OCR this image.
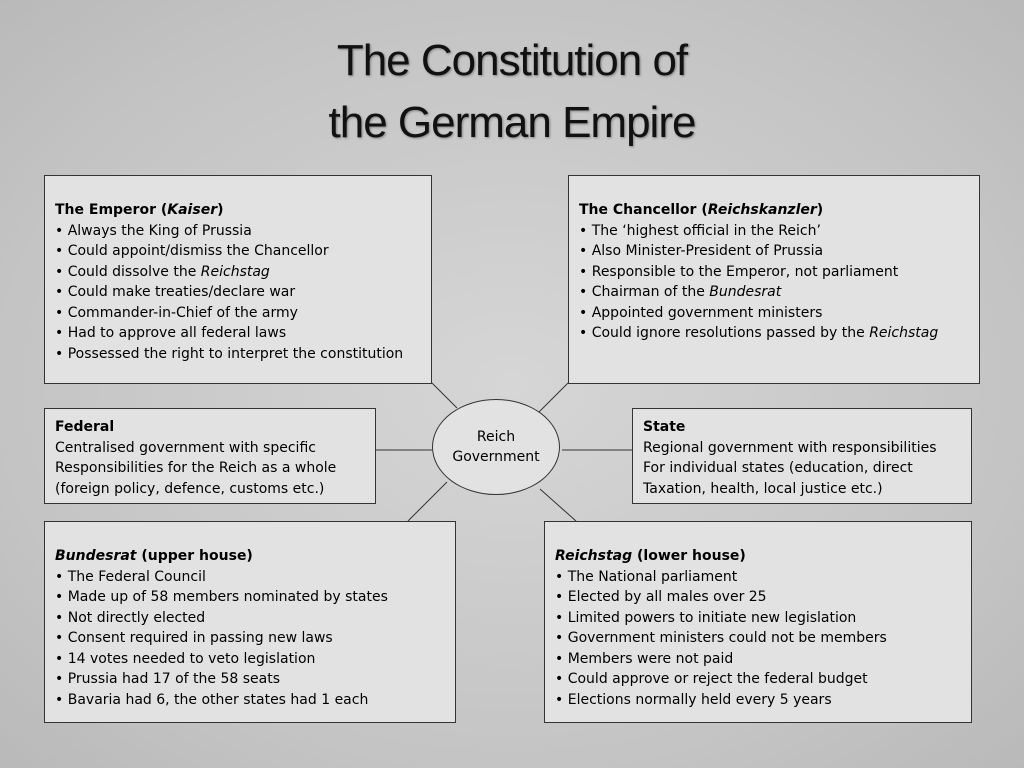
The Constitution of
the German Empire
The Emperor (Kaiser)
• Always the King of Prussia
• Could appoint/dismiss the Chancellor
• Could dissolve the Reichstag
• Could make treaties/declare war
• Commander-in-Chief of the army
• Had to approve all federal laws
• Possessed the right to interpret the constitution
The Chancellor (Reichskanzler)
• The ‘highest official in the Reich’
• Also Minister-President of Prussia
• Responsible to the Emperor, not parliament
• Chairman of the Bundesrat
• Appointed government ministers
• Could ignore resolutions passed by the Reichstag
Federal
Centralised government with specific
Responsibilities for the Reich as a whole
(foreign policy, defence, customs etc.)
Reich
Government
State
Regional government with responsibilities
For individual states (education, direct
Taxation, health, local justice etc.)
Bundesrat (upper house)
• The Federal Council
• Made up of 58 members nominated by states
• Not directly elected
• Consent required in passing new laws
• 14 votes needed to veto legislation
• Prussia had 17 of the 58 seats
• Bavaria had 6, the other states had 1 each
Reichstag (lower house)
• The National parliament
• Elected by all males over 25
• Limited powers to initiate new legislation
• Government ministers could not be members
• Members were not paid
• Could approve or reject the federal budget
• Elections normally held every 5 years
